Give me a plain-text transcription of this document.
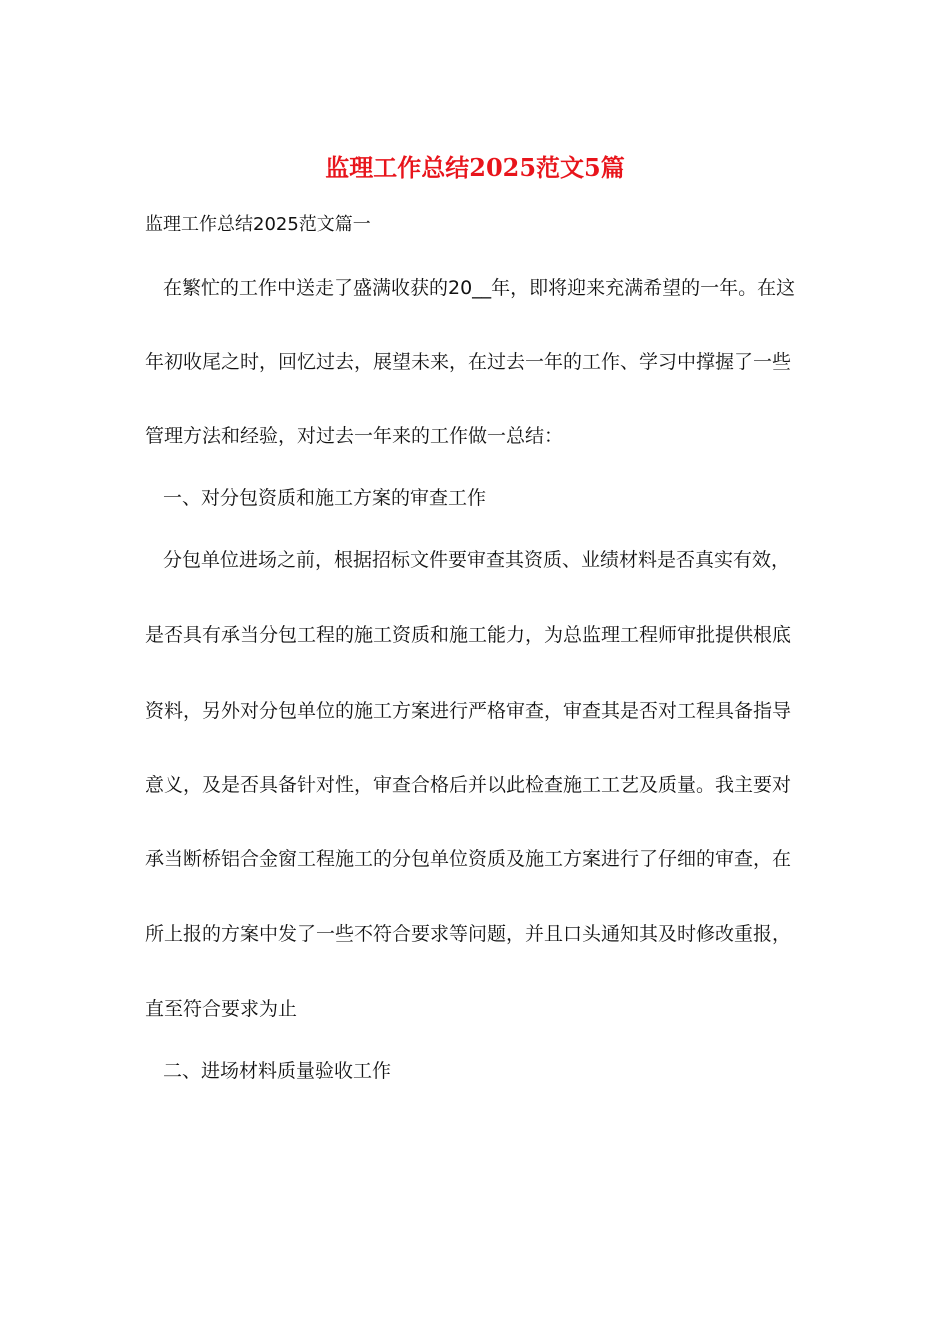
监理工作总结2025范文5篇
监理工作总结2025范文篇一
在繁忙的工作中送走了盛满收获的20__年，即将迎来充满希望的一年。在这
年初收尾之时，回忆过去，展望未来，在过去一年的工作、学习中撑握了一些
管理方法和经验，对过去一年来的工作做一总结：
一、对分包资质和施工方案的审查工作
分包单位进场之前，根据招标文件要审查其资质、业绩材料是否真实有效，
是否具有承当分包工程的施工资质和施工能力，为总监理工程师审批提供根底
资料，另外对分包单位的施工方案进行严格审查，审查其是否对工程具备指导
意义，及是否具备针对性，审查合格后并以此检查施工工艺及质量。我主要对
承当断桥铝合金窗工程施工的分包单位资质及施工方案进行了仔细的审查，在
所上报的方案中发了一些不符合要求等问题，并且口头通知其及时修改重报，
直至符合要求为止
二、进场材料质量验收工作
